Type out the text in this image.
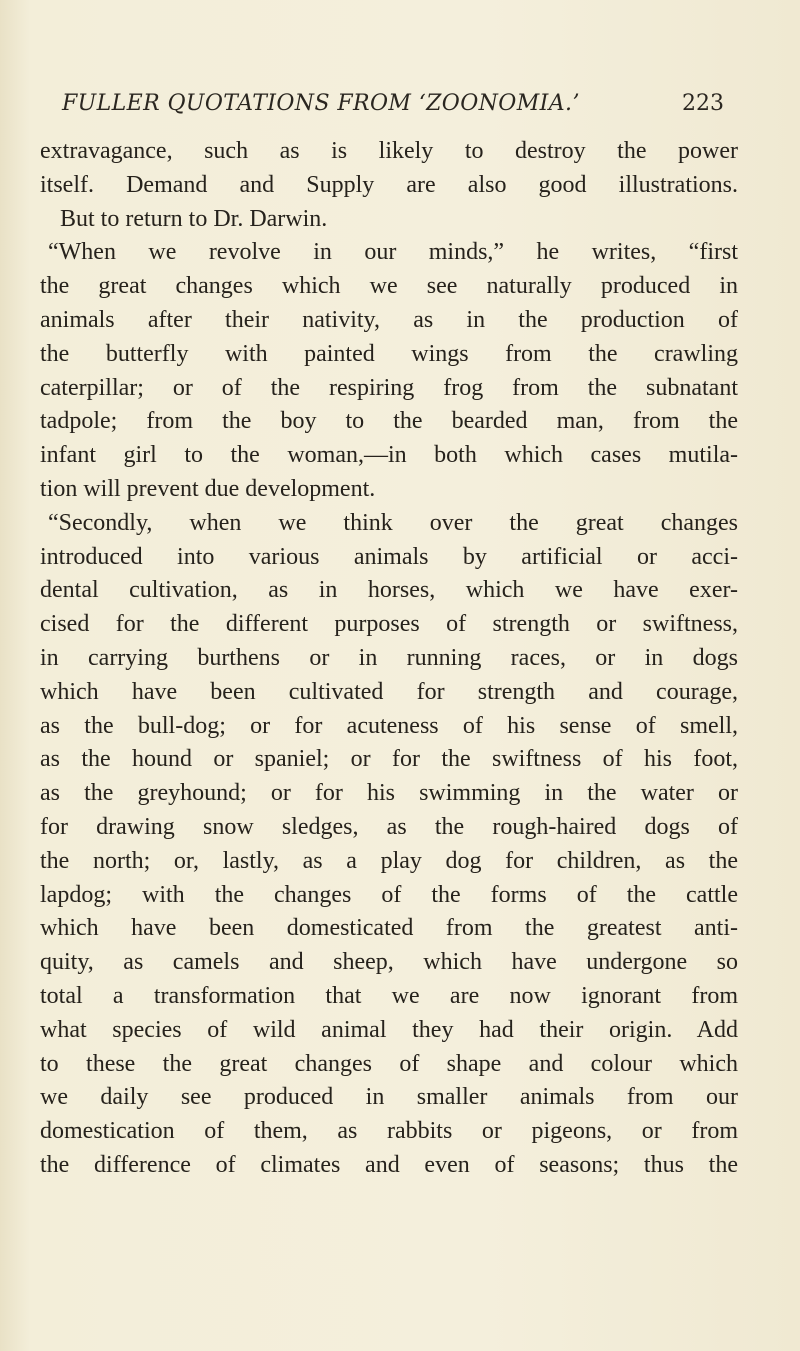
FULLER QUOTATIONS FROM ‘ZOONOMIA.’	223
extravagance, such as is likely to destroy the power
itself. Demand and Supply are also good illustrations.
But to return to Dr. Darwin.
“When we revolve in our minds,” he writes, “first
the great changes which we see naturally produced in
animals after their nativity, as in the production of
the butterfly with painted wings from the crawling
caterpillar; or of the respiring frog from the subnatant
tadpole; from the boy to the bearded man, from the
infant girl to the woman,—in both which cases mutila-
tion will prevent due development.
“Secondly, when we think over the great changes
introduced into various animals by artificial or acci-
dental cultivation, as in horses, which we have exer-
cised for the different purposes of strength or swiftness,
in carrying burthens or in running races, or in dogs
which have been cultivated for strength and courage,
as the bull-dog; or for acuteness of his sense of smell,
as the hound or spaniel; or for the swiftness of his foot,
as the greyhound; or for his swimming in the water or
for drawing snow sledges, as the rough-haired dogs of
the north; or, lastly, as a play dog for children, as the
lapdog; with the changes of the forms of the cattle
which have been domesticated from the greatest anti-
quity, as camels and sheep, which have undergone so
total a transformation that we are now ignorant from
what species of wild animal they had their origin. Add
to these the great changes of shape and colour which
we daily see produced in smaller animals from our
domestication of them, as rabbits or pigeons, or from
the difference of climates and even of seasons; thus the
